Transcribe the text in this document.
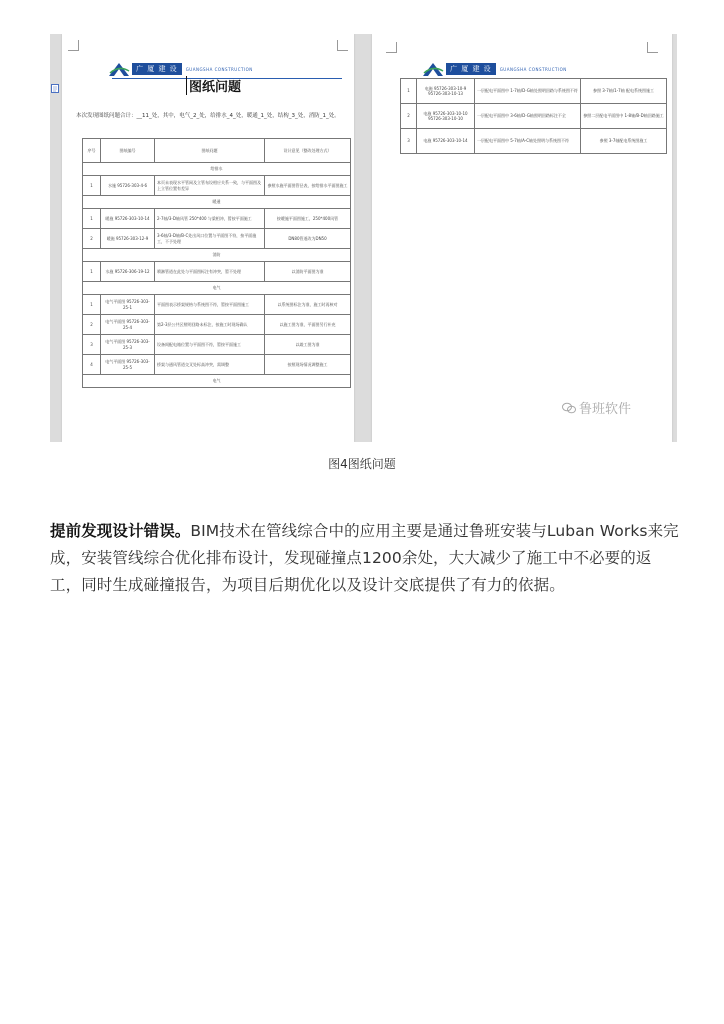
广 厦 建 设	GUANGSHA CONSTRUCTION
图纸问题
本次发现图纸问题合计：__11_处，其中，电气_2_处，给排水_4_处，暖通_1_处，结构_3_处，消防_1_处。
序号	图纸编号	图纸问题	设计意见（整改处理方式）
给排水			
1	水施 95726-303-4-6	本页未表现水平管网及立管布设相应关系一致，与平面图及上立管位置有差异	参照水施平面图管径表，按给排水平面图施工
暖通			
1	暖施 95726-303-10-14	2-7轴/3-D轴风管 250*400 与梁相冲，暂按平面施工	按暖施平面图施工，250*400风管
2	暖施 95726-303-12-9	3-6轴/3-D轴/B-C处出风口位置与平面图不符，按平面施工，不予处理	DN80管道改为DN50
消防			
1	水施 95726-306-19-12	喷淋管道在此处与平面图标注有冲突，暂不处理	以消防平面图为准
电气			
1	电气平面图 95726-303-25-1	平面图表示桥架规格与系统图不符，暂按平面图施工	以系统图标注为准，施工时再核对
2	电气平面图 95726-303-25-4	第2-3层公共区照明回路未标注，按施工时现场确认	以施工图为准，平面图另行补充
3	电气平面图 95726-303-25-3	设备间配电箱位置与平面图不符，暂按平面施工	以竣工图为准
4	电气平面图 95726-303-25-5	桥架与通风管道交叉处标高冲突，需调整	按照现场情况调整施工
电气			
广 厦 建 设	GUANGSHA CONSTRUCTION
1	电施 95726-303-10-9 95726-303-10-13	一层配电平面图中 1-7轴/D-G轴处照明回路与系统图不符	参照 3-7轴/1-7轴 配电系统图施工
2	电施 95726-303-10-10 95726-303-10-10	一层配电平面图中 3-6轴/D-G轴照明回路标注不全	参照二层配电平面图中 1-8轴/B-D轴回路施工
3	电施 95726-303-10-14	一层配电平面图中 5-7轴/A-C轴处照明与系统图不符	参照 3-7轴配电系统图施工
鲁班软件
图4图纸问题

提前发现设计错误。BIM技术在管线综合中的应用主要是通过鲁班安装与Luban Works来完成，安装管线综合优化排布设计，发现碰撞点1200余处，大大减少了施工中不必要的返工，同时生成碰撞报告，为项目后期优化以及设计交底提供了有力的依据。
